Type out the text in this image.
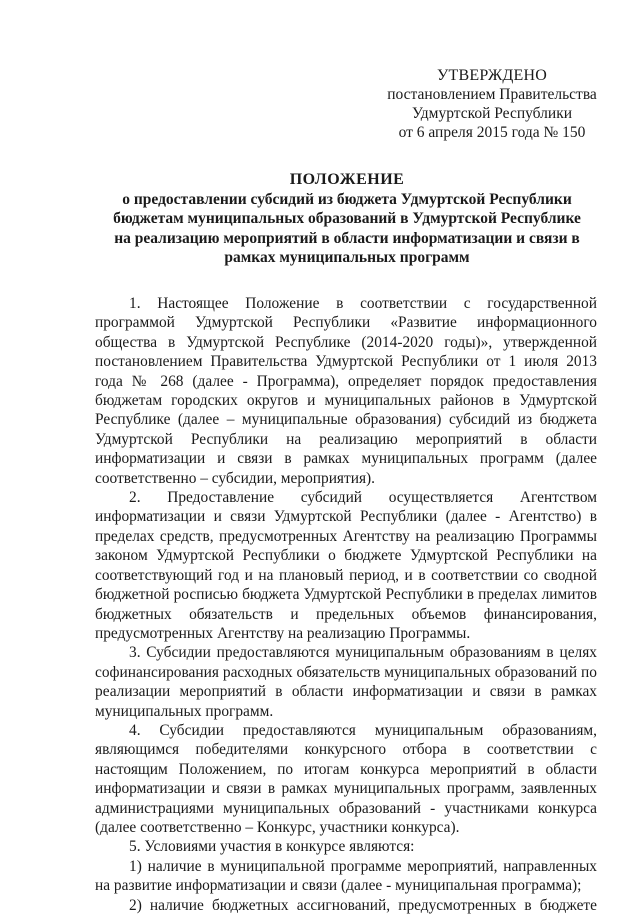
УТВЕРЖДЕНО
постановлением Правительства
Удмуртской Республики
от 6 апреля 2015 года № 150
ПОЛОЖЕНИЕ
о предоставлении субсидий из бюджета Удмуртской Республики
бюджетам муниципальных образований в Удмуртской Республике
на реализацию мероприятий в области информатизации и связи в
рамках муниципальных программ

1. Настоящее Положение в соответствии с государственной программой Удмуртской Республики «Развитие информационного общества в Удмуртской Республике (2014-2020 годы)», утвержденной постановлением Правительства Удмуртской Республики от 1 июля 2013 года № 268 (далее - Программа), определяет порядок предоставления бюджетам городских округов и муниципальных районов в Удмуртской Республике (далее – муниципальные образования) субсидий из бюджета Удмуртской Республики на реализацию мероприятий в области информатизации и связи в рамках муниципальных программ (далее соответственно – субсидии, мероприятия).

2. Предоставление субсидий осуществляется Агентством информатизации и связи Удмуртской Республики (далее - Агентство) в пределах средств, предусмотренных Агентству на реализацию Программы законом Удмуртской Республики о бюджете Удмуртской Республики на соответствующий год и на плановый период, и в соответствии со сводной бюджетной росписью бюджета Удмуртской Республики в пределах лимитов бюджетных обязательств и предельных объемов финансирования, предусмотренных Агентству на реализацию Программы.

3. Субсидии предоставляются муниципальным образованиям в целях софинансирования расходных обязательств муниципальных образований по реализации мероприятий в области информатизации и связи в рамках муниципальных программ.

4. Субсидии предоставляются муниципальным образованиям, являющимся победителями конкурсного отбора в соответствии с настоящим Положением, по итогам конкурса мероприятий в области информатизации и связи в рамках муниципальных программ, заявленных администрациями муниципальных образований - участниками конкурса (далее соответственно – Конкурс, участники конкурса).

5. Условиями участия в конкурсе являются:

1) наличие в муниципальной программе мероприятий, направленных на развитие информатизации и связи (далее - муниципальная программа);

2) наличие бюджетных ассигнований, предусмотренных в бюджете
